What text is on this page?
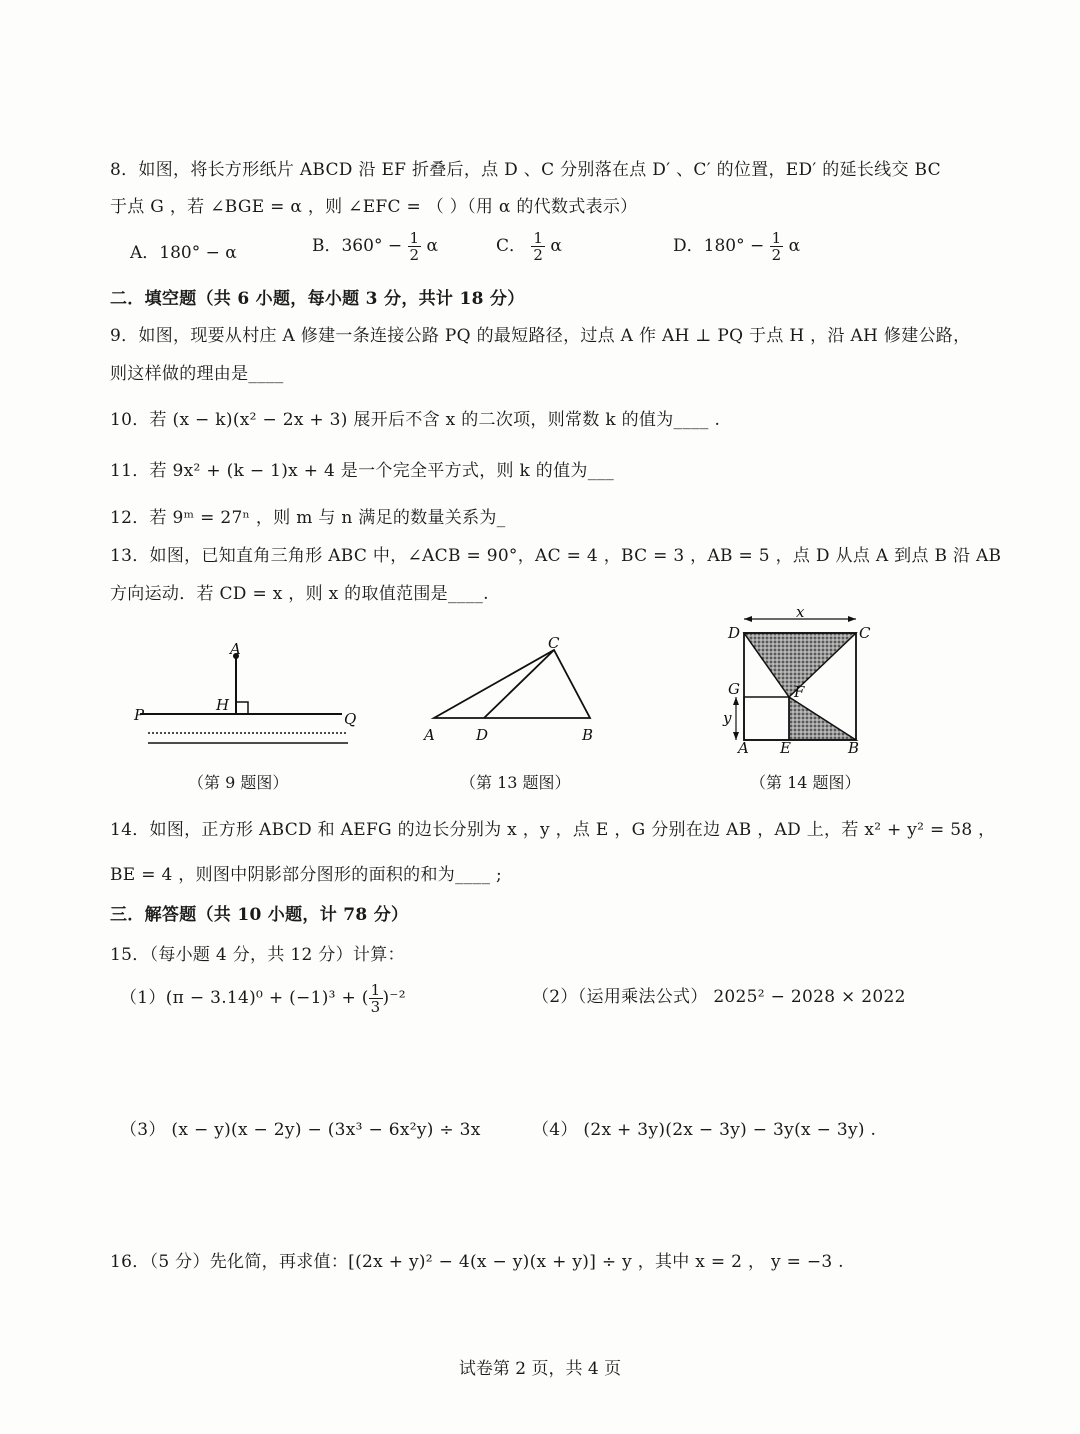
8．如图，将长方形纸片 ABCD 沿 EF 折叠后，点 D 、C 分别落在点 D′ 、C′ 的位置，ED′ 的延长线交 BC
于点 G ，若 ∠BGE = α ，则 ∠EFC = （ ）（用 α 的代数式表示）
A．180° − α	B．$360^\circ - \frac{1}{2}$ α	C． $\frac{1}{2}$ α	D．$180^\circ - \frac{1}{2}$ α
二．填空题（共 6 小题，每小题 3 分，共计 18 分）
9．如图，现要从村庄 A 修建一条连接公路 PQ 的最短路径，过点 A 作 AH ⊥ PQ 于点 H ，沿 AH 修建公路，
则这样做的理由是____
10．若 (x − k)(x² − 2x + 3) 展开后不含 x 的二次项，则常数 k 的值为____ .
11．若 9x² + (k − 1)x + 4 是一个完全平方式，则 k 的值为___
12．若 9ᵐ = 27ⁿ ，则 m 与 n 满足的数量关系为_
13．如图，已知直角三角形 ABC 中，∠ACB = 90°，AC = 4 ，BC = 3 ，AB = 5 ，点 D 从点 A 到点 B 沿 AB
方向运动．若 CD = x ，则 x 的取值范围是____.
A
H
P	Q
（第 9 题图）
A	D	B
C
（第 13 题图）
x
D	C
G	F
y
A E	B
（第 14 题图）
14．如图，正方形 ABCD 和 AEFG 的边长分别为 x ，y ，点 E ，G 分别在边 AB ，AD 上，若 x² + y² = 58 ，
BE = 4 ，则图中阴影部分图形的面积的和为____ ;
三．解答题（共 10 小题，计 78 分）
15．（每小题 4 分，共 12 分）计算：
（1）(π − 3.14)⁰ + (−1)³ + ( $\frac{1}{3} )^{-2}$	（2）（运用乘法公式） 2025² − 2028 × 2022
（3） (x − y)(x − 2y) − (3x³ − 6x²y) ÷ 3x	（4） (2x + 3y)(2x − 3y) − 3y(x − 3y) .
16．（5 分）先化简，再求值：[(2x + y)² − 4(x − y)(x + y)] ÷ y ，其中 x = 2 ， y = −3 .
试卷第 2 页，共 4 页
